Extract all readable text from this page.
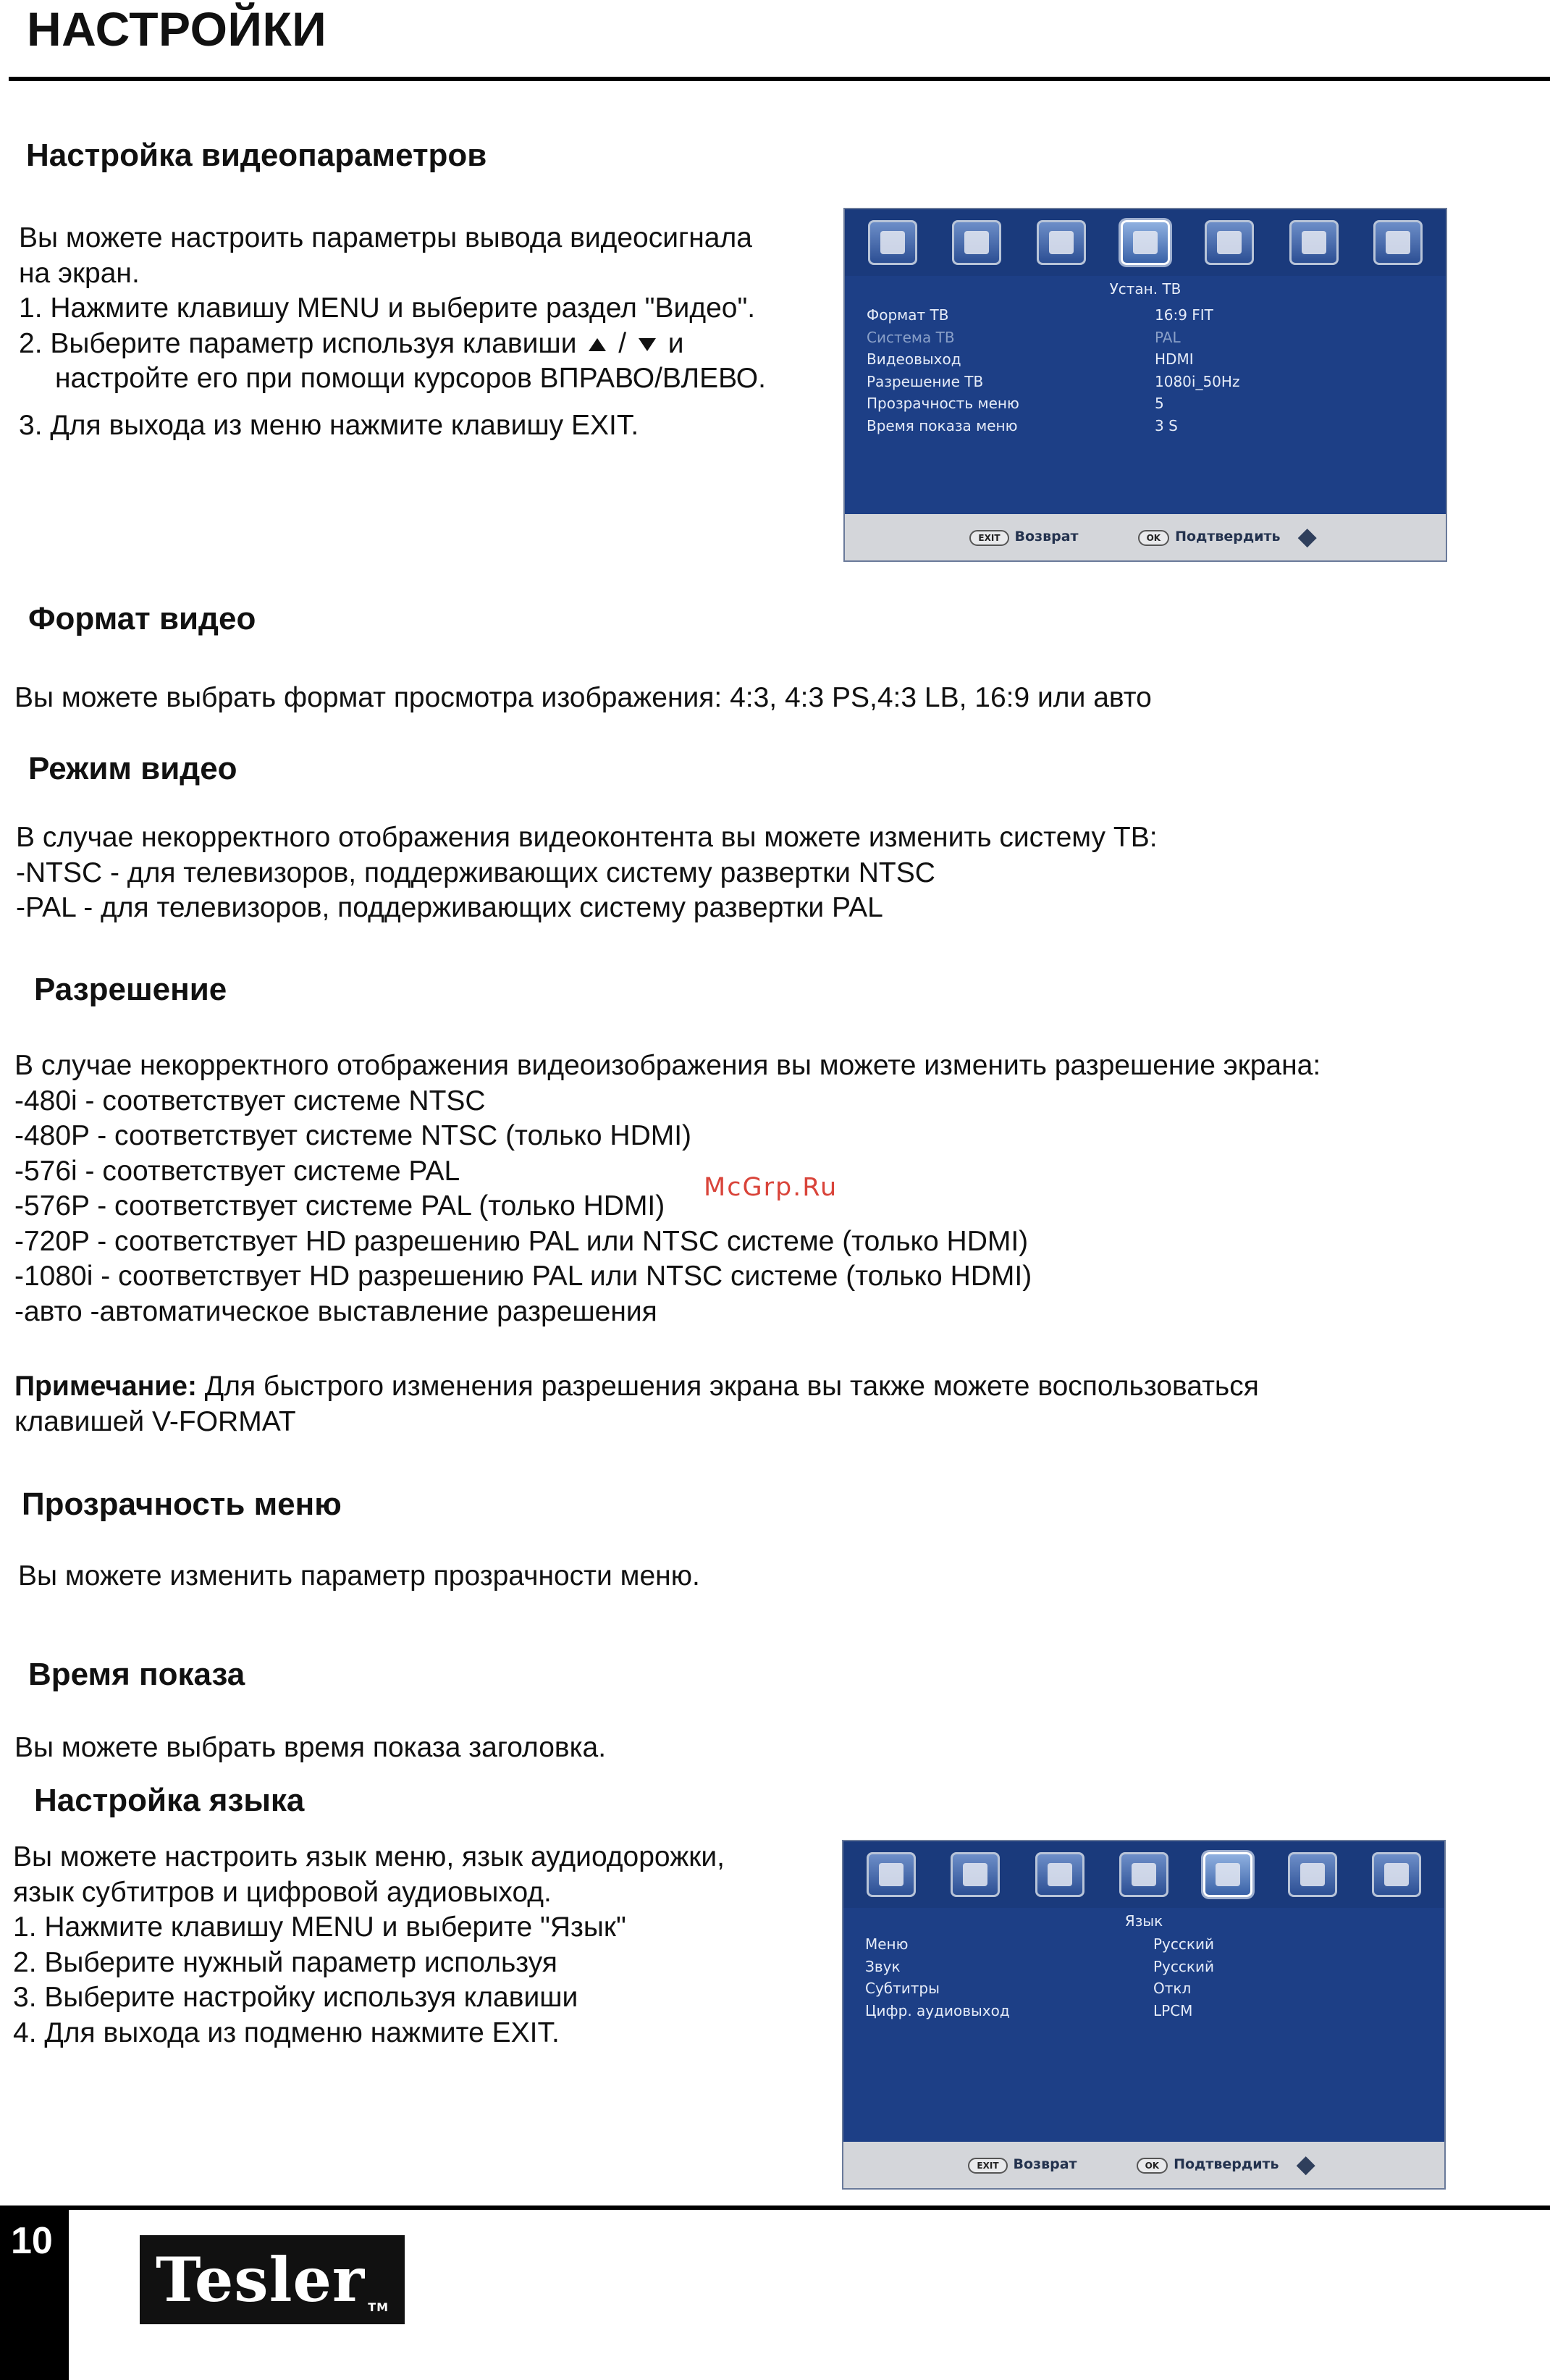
НАСТРОЙКИ
Настройка видеопараметров
Вы можете настроить параметры вывода видеосигнала
на экран.
1. Нажмите клавишу MENU и выберите раздел "Видео".
2. Выберите параметр используя клавиши / и
настройте его при помощи курсоров ВПРАВО/ВЛЕВО.
3. Для выхода из меню нажмите клавишу EXIT.
Устан. ТВ
Формат ТВ	16:9 FIT
Система ТВ	PAL
Видеовыход	HDMI
Разрешение ТВ	1080i_50Hz
Прозрачность меню	5
Время показа меню	3 S
EXIT Возврат	OK Подтвердить
◆
Формат видео
Вы можете выбрать формат просмотра изображения: 4:3, 4:3 PS,4:3 LB, 16:9 или авто
Режим видео
В случае некорректного отображения видеоконтента вы можете изменить систему ТВ:
-NTSC - для телевизоров, поддерживающих систему развертки NTSC
-PAL - для телевизоров, поддерживающих систему развертки PAL
Разрешение
В случае некорректного отображения видеоизображения вы можете изменить разрешение экрана:
-480i - соответствует системе NTSC
-480P - соответствует системе NTSC (только HDMI)
-576i - соответствует системе PAL
-576P - соответствует системе PAL (только HDMI)
-720P - соответствует HD разрешению PAL или NTSC системе (только HDMI)
-1080i - соответствует HD разрешению PAL или NTSC системе (только HDMI)
-авто -автоматическое выставление разрешения
Примечание: Для быстрого изменения разрешения экрана вы также можете воспользоваться
клавишей V-FORMAT
Прозрачность меню
Вы можете изменить параметр прозрачности меню.
Время показа
Вы можете выбрать время показа заголовка.
Настройка языка
Вы можете настроить язык меню, язык аудиодорожки,
язык субтитров и цифровой аудиовыход.
1. Нажмите клавишу MENU и выберите "Язык"
2. Выберите нужный параметр используя
3. Выберите настройку используя клавиши
4. Для выхода из подменю нажмите EXIT.
Язык
Меню	Русский
Звук	Русский
Субтитры	Откл
Цифр. аудиовыход	LPCM
EXIT Возврат	OK Подтвердить
◆
McGrp.Ru
10
Tesler TM
